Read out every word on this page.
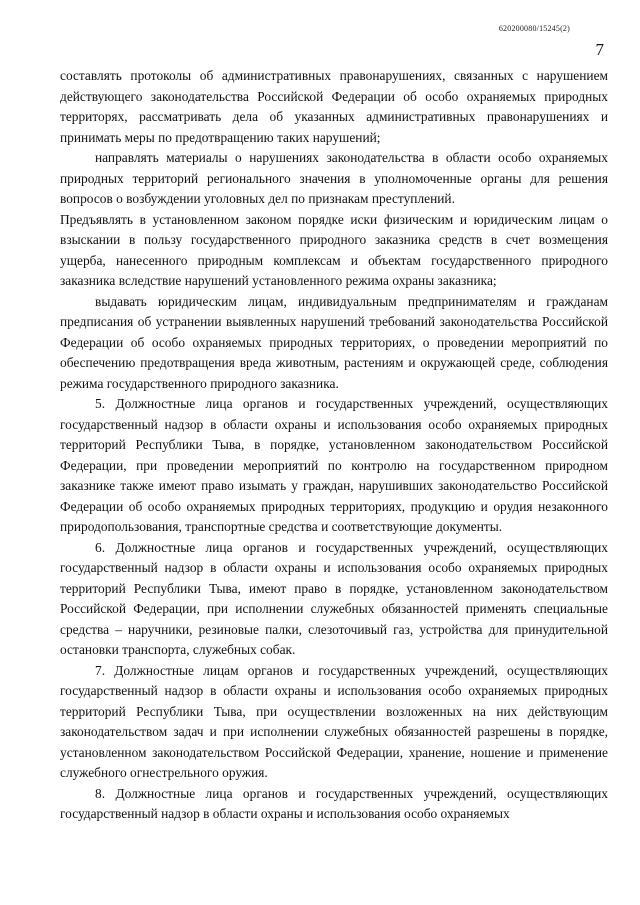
620200080/15245(2)
7

составлять протоколы об административных правонарушениях, связанных с нарушением действующего законодательства Российской Федерации об особо охраняемых природных территорях, рассматривать дела об указанных административных правонарушениях и принимать меры по предотвращению таких нарушений;

направлять материалы о нарушениях законодательства в области особо охраняемых природных территорий регионального значения в уполномоченные органы для решения вопросов о возбуждении уголовных дел по признакам преступлений.

Предъявлять в установленном законом порядке иски физическим и юридическим лицам о взыскании в пользу государственного природного заказника средств в счет возмещения ущерба, нанесенного природным комплексам и объектам государственного природного заказника вследствие нарушений установленного режима охраны заказника;

выдавать юридическим лицам, индивидуальным предпринимателям и гражданам предписания об устранении выявленных нарушений требований законодательства Российской Федерации об особо охраняемых природных территориях, о проведении мероприятий по обеспечению предотвращения вреда животным, растениям и окружающей среде, соблюдения режима государственного природного заказника.

5. Должностные лица органов и государственных учреждений, осуществляющих государственный надзор в области охраны и использования особо охраняемых природных территорий Республики Тыва, в порядке, установленном законодательством Российской Федерации, при проведении мероприятий по контролю на государственном природном заказнике также имеют право изымать у граждан, нарушивших законодательство Российской Федерации об особо охраняемых природных территориях, продукцию и орудия незаконного природопользования, транспортные средства и соответствующие документы.

6. Должностные лица органов и государственных учреждений, осуществляющих государственный надзор в области охраны и использования особо охраняемых природных территорий Республики Тыва, имеют право в порядке, установленном законодательством Российской Федерации, при исполнении служебных обязанностей применять специальные средства – наручники, резиновые палки, слезоточивый газ, устройства для принудительной остановки транспорта, служебных собак.

7. Должностные лицам органов и государственных учреждений, осуществляющих государственный надзор в области охраны и использования особо охраняемых природных территорий Республики Тыва, при осуществлении возложенных на них действующим законодательством задач и при исполнении служебных обязанностей разрешены в порядке, установленном законодательством Российской Федерации, хранение, ношение и применение служебного огнестрельного оружия.

8. Должностные лица органов и государственных учреждений, осуществляющих государственный надзор в области охраны и использования особо охраняемых
